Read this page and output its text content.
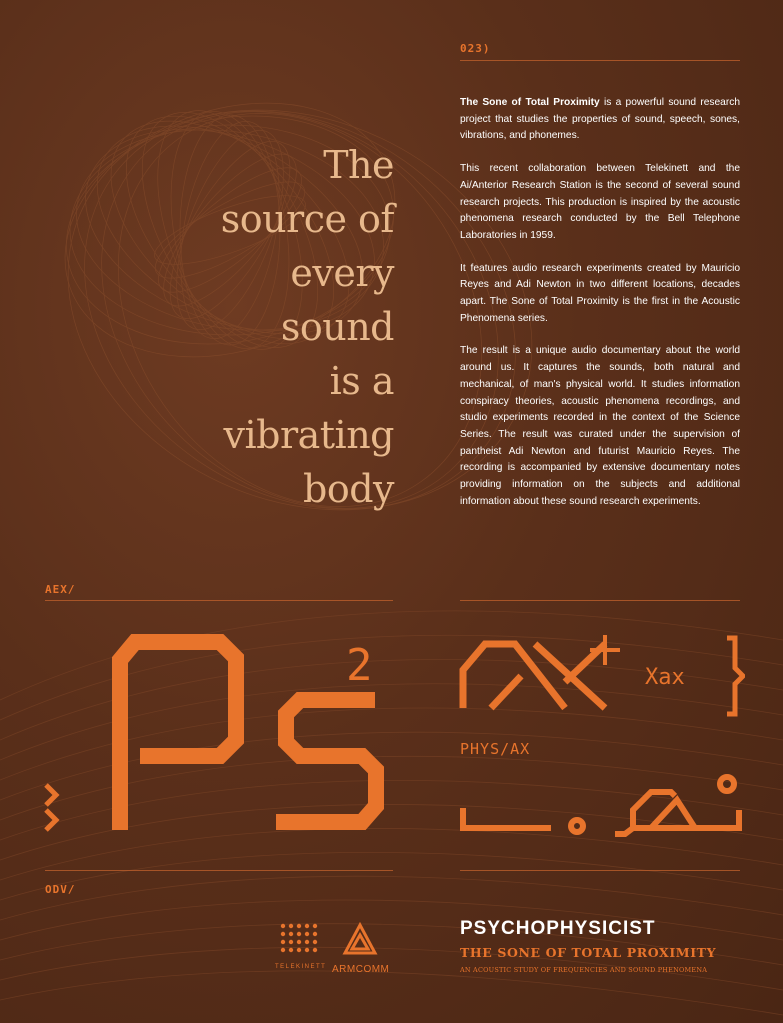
023)
The
source of
every
sound
is a
vibrating
body

The Sone of Total Proximity is a powerful sound research project that studies the properties of sound, speech, sones, vibrations, and phonemes.

This recent collaboration between Telekinett and the Ai/Anterior Research Station is the second of several sound research projects. This production is inspired by the acoustic phenomena research conducted by the Bell Telephone Laboratories in 1959.

It features audio research experiments created by Mauricio Reyes and Adi Newton in two different locations, decades apart. The Sone of Total Proximity is the first in the Acoustic Phenomena series.

The result is a unique audio documentary about the world around us. It captures the sounds, both natural and mechanical, of man's physical world. It studies information conspiracy theories, acoustic phenomena recordings, and studio experiments recorded in the context of the Science Series. The result was curated under the supervision of pantheist Adi Newton and futurist Mauricio Reyes. The recording is accompanied by extensive documentary notes providing information on the subjects and additional information about these sound research experiments.

AEX/
2	Xax
PHYS/AX
ODV/
TELEKINETT ARMCOMM
PSYCHOPHYSICIST
THE SONE OF TOTAL PROXIMITY
AN ACOUSTIC STUDY OF FREQUENCIES AND SOUND PHENOMENA
